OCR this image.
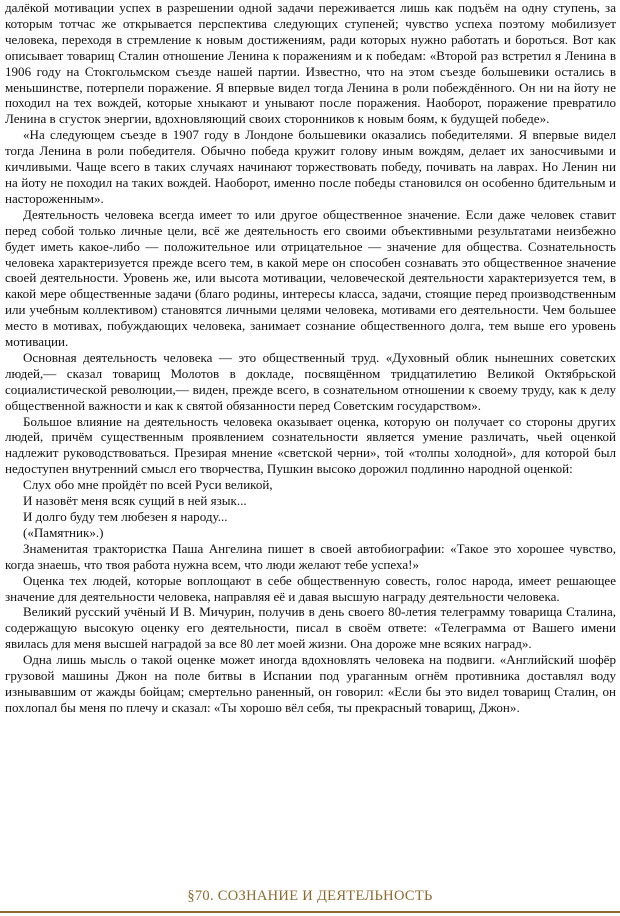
далёкой мотивации успех в разрешении одной задачи переживается лишь как подъём на одну ступень, за которым тотчас же открывается перспектива следующих ступеней; чувство успеха поэтому мобилизует человека, переходя в стремление к новым достижениям, ради которых нужно работать и бороться. Вот как описывает товарищ Сталин отношение Ленина к поражениям и к победам: «Второй раз встретил я Ленина в 1906 году на Стокгольмском съезде нашей партии. Известно, что на этом съезде большевики остались в меньшинстве, потерпели поражение. Я впервые видел тогда Ленина в роли побеждённого. Он ни на йоту не походил на тех вождей, которые хныкают и унывают после поражения. Наоборот, поражение превратило Ленина в сгусток энергии, вдохновляющий своих сторонников к новым боям, к будущей победе».

«На следующем съезде в 1907 году в Лондоне большевики оказались победителями. Я впервые видел тогда Ленина в роли победителя. Обычно победа кружит голову иным вождям, делает их заносчивыми и кичливыми. Чаще всего в таких случаях начинают торжествовать победу, почивать на лаврах. Но Ленин ни на йоту не походил на таких вождей. Наоборот, именно после победы становился он особенно бдительным и настороженным».

Деятельность человека всегда имеет то или другое общественное значение. Если даже человек ставит перед собой только личные цели, всё же деятельность его своими объективными результатами неизбежно будет иметь какое-либо — положительное или отрицательное — значение для общества. Сознательность человека характеризуется прежде всего тем, в какой мере он способен сознавать это общественное значение своей деятельности. Уровень же, или высота мотивации, человеческой деятельности характеризуется тем, в какой мере общественные задачи (благо родины, интересы класса, задачи, стоящие перед производственным или учебным коллективом) становятся личными целями человека, мотивами его деятельности. Чем большее место в мотивах, побуждающих человека, занимает сознание общественного долга, тем выше его уровень мотивации.

Основная деятельность человека — это общественный труд. «Духовный облик нынешних советских людей,— сказал товарищ Молотов в докладе, посвящённом тридцатилетию Великой Октябрьской социалистической революции,— виден, прежде всего, в сознательном отношении к своему труду, как к делу общественной важности и как к святой обязанности перед Советским государством».

Большое влияние на деятельность человека оказывает оценка, которую он получает со стороны других людей, причём существенным проявлением сознательности является умение различать, чьей оценкой надлежит руководствоваться. Презирая мнение «светской черни», той «толпы холодной», для которой был недоступен внутренний смысл его творчества, Пушкин высоко дорожил подлинно народной оценкой:

Слух обо мне пройдёт по всей Руси великой,

И назовёт меня всяк сущий в ней язык...

И долго буду тем любезен я народу...

(«Памятник».)

Знаменитая трактористка Паша Ангелина пишет в своей автобиографии: «Такое это хорошее чувство, когда знаешь, что твоя работа нужна всем, что люди желают тебе успеха!»

Оценка тех людей, которые воплощают в себе общественную совесть, голос народа, имеет решающее значение для деятельности человека, направляя её и давая высшую награду деятельности человека.

Великий русский учёный И В. Мичурин, получив в день своего 80-летия телеграмму товарища Сталина, содержащую высокую оценку его деятельности, писал в своём ответе: «Телеграмма от Вашего имени явилась для меня высшей наградой за все 80 лет моей жизни. Она дороже мне всяких наград».

Одна лишь мысль о такой оценке может иногда вдохновлять человека на подвиги. «Английский шофёр грузовой машины Джон на поле битвы в Испании под ураганным огнём противника доставлял воду изнывавшим от жажды бойцам; смертельно раненный, он говорил: «Если бы это видел товарищ Сталин, он похлопал бы меня по плечу и сказал: «Ты хорошо вёл себя, ты прекрасный товарищ, Джон».

§70. СОЗНАНИЕ И ДЕЯТЕЛЬНОСТЬ
